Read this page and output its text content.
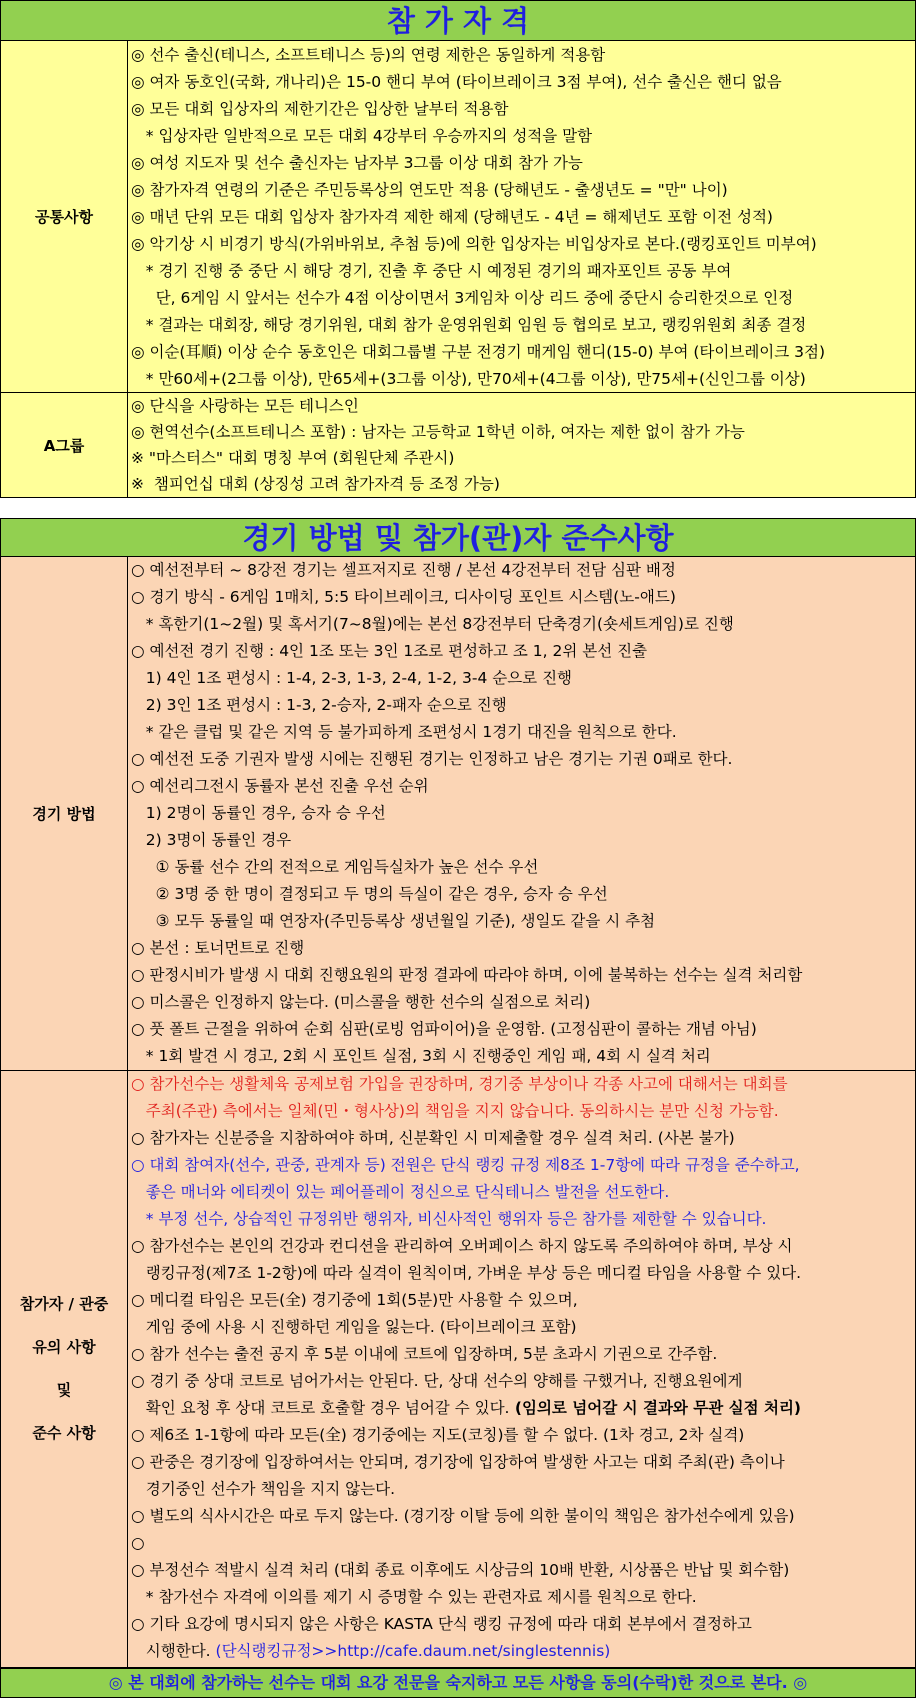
참 가 자 격
공통사항
◎ 선수 출신(테니스, 소프트테니스 등)의 연령 제한은 동일하게 적용함
◎ 여자 동호인(국화, 개나리)은 15-0 핸디 부여 (타이브레이크 3점 부여), 선수 출신은 핸디 없음
◎ 모든 대회 입상자의 제한기간은 입상한 날부터 적용함
* 입상자란 일반적으로 모든 대회 4강부터 우승까지의 성적을 말함
◎ 여성 지도자 및 선수 출신자는 남자부 3그룹 이상 대회 참가 가능
◎ 참가자격 연령의 기준은 주민등록상의 연도만 적용 (당해년도 - 출생년도 = "만" 나이)
◎ 매년 단위 모든 대회 입상자 참가자격 제한 해제 (당해년도 - 4년 = 해제년도 포함 이전 성적)
◎ 악기상 시 비경기 방식(가위바위보, 추첨 등)에 의한 입상자는 비입상자로 본다.(랭킹포인트 미부여)
* 경기 진행 중 중단 시 해당 경기, 진출 후 중단 시 예정된 경기의 패자포인트 공동 부여
단, 6게임 시 앞서는 선수가 4점 이상이면서 3게임차 이상 리드 중에 중단시 승리한것으로 인정
* 결과는 대회장, 해당 경기위원, 대회 참가 운영위원회 임원 등 협의로 보고, 랭킹위원회 최종 결정
◎ 이순(耳順) 이상 순수 동호인은 대회그룹별 구분 전경기 매게임 핸디(15-0) 부여 (타이브레이크 3점)
* 만60세+(2그룹 이상), 만65세+(3그룹 이상), 만70세+(4그룹 이상), 만75세+(신인그룹 이상)
A그룹
◎ 단식을 사랑하는 모든 테니스인
◎ 현역선수(소프트테니스 포함) : 남자는 고등학교 1학년 이하, 여자는 제한 없이 참가 가능
※ "마스터스" 대회 명칭 부여 (회원단체 주관시)
※  챔피언십 대회 (상징성 고려 참가자격 등 조정 가능)
경기 방법 및 참가(관)자 준수사항
경기 방법
○ 예선전부터 ~ 8강전 경기는 셀프저지로 진행 / 본선 4강전부터 전담 심판 배정
○ 경기 방식 - 6게임 1매치, 5:5 타이브레이크, 디사이딩 포인트 시스템(노-애드)
* 혹한기(1~2월) 및 혹서기(7~8월)에는 본선 8강전부터 단축경기(숏세트게임)로 진행
○ 예선전 경기 진행 : 4인 1조 또는 3인 1조로 편성하고 조 1, 2위 본선 진출
1) 4인 1조 편성시 : 1-4, 2-3, 1-3, 2-4, 1-2, 3-4 순으로 진행
2) 3인 1조 편성시 : 1-3, 2-승자, 2-패자 순으로 진행
* 같은 클럽 및 같은 지역 등 불가피하게 조편성시 1경기 대진을 원칙으로 한다.
○ 예선전 도중 기권자 발생 시에는 진행된 경기는 인정하고 남은 경기는 기권 0패로 한다.
○ 예선리그전시 동률자 본선 진출 우선 순위
1) 2명이 동률인 경우, 승자 승 우선
2) 3명이 동률인 경우
① 동률 선수 간의 전적으로 게임득실차가 높은 선수 우선
② 3명 중 한 명이 결정되고 두 명의 득실이 같은 경우, 승자 승 우선
③ 모두 동률일 때 연장자(주민등록상 생년월일 기준), 생일도 같을 시 추첨
○ 본선 : 토너먼트로 진행
○ 판정시비가 발생 시 대회 진행요원의 판정 결과에 따라야 하며, 이에 불복하는 선수는 실격 처리함
○ 미스콜은 인정하지 않는다. (미스콜을 행한 선수의 실점으로 처리)
○ 풋 폴트 근절을 위하여 순회 심판(로빙 엄파이어)을 운영함. (고정심판이 콜하는 개념 아님)
* 1회 발견 시 경고, 2회 시 포인트 실점, 3회 시 진행중인 게임 패, 4회 시 실격 처리
참가자 / 관중
유의 사항
및
준수 사항
○ 참가선수는 생활체육 공제보험 가입을 권장하며, 경기중 부상이나 각종 사고에 대해서는 대회를
주최(주관) 측에서는 일체(민・형사상)의 책임을 지지 않습니다. 동의하시는 분만 신청 가능함.
○ 참가자는 신분증을 지참하여야 하며, 신분확인 시 미제출할 경우 실격 처리. (사본 불가)
○ 대회 참여자(선수, 관중, 관계자 등) 전원은 단식 랭킹 규정 제8조 1-7항에 따라 규정을 준수하고,
좋은 매너와 에티켓이 있는 페어플레이 정신으로 단식테니스 발전을 선도한다.
* 부정 선수, 상습적인 규정위반 행위자, 비신사적인 행위자 등은 참가를 제한할 수 있습니다.
○ 참가선수는 본인의 건강과 컨디션을 관리하여 오버페이스 하지 않도록 주의하여야 하며, 부상 시
랭킹규정(제7조 1-2항)에 따라 실격이 원칙이며, 가벼운 부상 등은 메디컬 타임을 사용할 수 있다.
○ 메디컬 타임은 모든(全) 경기중에 1회(5분)만 사용할 수 있으며,
게임 중에 사용 시 진행하던 게임을 잃는다. (타이브레이크 포함)
○ 참가 선수는 출전 공지 후 5분 이내에 코트에 입장하며, 5분 초과시 기권으로 간주함.
○ 경기 중 상대 코트로 넘어가서는 안된다. 단, 상대 선수의 양해를 구했거나, 진행요원에게
확인 요청 후 상대 코트로 호출할 경우 넘어갈 수 있다. (임의로 넘어갈 시 결과와 무관 실점 처리)
○ 제6조 1-1항에 따라 모든(全) 경기중에는 지도(코칭)를 할 수 없다. (1차 경고, 2차 실격)
○ 관중은 경기장에 입장하여서는 안되며, 경기장에 입장하여 발생한 사고는 대회 주최(관) 측이나
경기중인 선수가 책임을 지지 않는다.
○ 별도의 식사시간은 따로 두지 않는다. (경기장 이탈 등에 의한 불이익 책임은 참가선수에게 있음)
○
○ 부정선수 적발시 실격 처리 (대회 종료 이후에도 시상금의 10배 반환, 시상품은 반납 및 회수함)
* 참가선수 자격에 이의를 제기 시 증명할 수 있는 관련자료 제시를 원칙으로 한다.
○ 기타 요강에 명시되지 않은 사항은 KASTA 단식 랭킹 규정에 따라 대회 본부에서 결정하고
시행한다. (단식랭킹규정>>http://cafe.daum.net/singlestennis)
◎ 본 대회에 참가하는 선수는 대회 요강 전문을 숙지하고 모든 사항을 동의(수락)한 것으로 본다. ◎
